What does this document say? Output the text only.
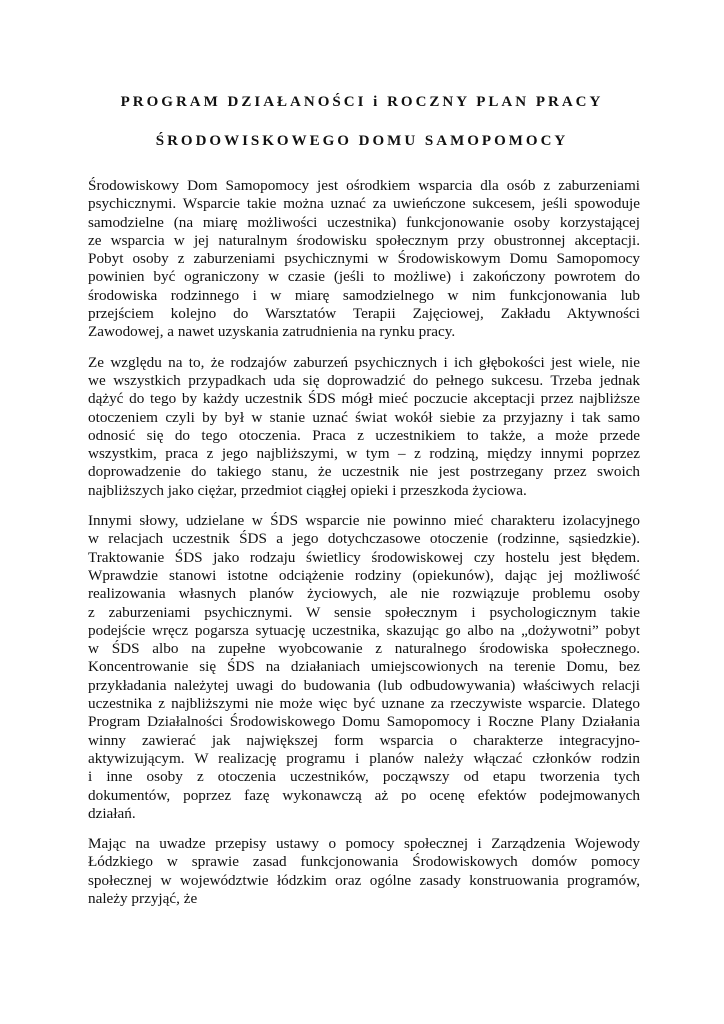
PROGRAM DZIAŁANOŚCI i ROCZNY PLAN PRACY
ŚRODOWISKOWEGO DOMU SAMOPOMOCY

Środowiskowy Dom Samopomocy jest ośrodkiem wsparcia dla osób z zaburzeniami
psychicznymi. Wsparcie takie można uznać za uwieńczone sukcesem, jeśli spowoduje
samodzielne (na miarę możliwości uczestnika) funkcjonowanie osoby korzystającej
ze wsparcia w jej naturalnym środowisku społecznym przy obustronnej akceptacji.
Pobyt osoby z zaburzeniami psychicznymi w Środowiskowym Domu Samopomocy
powinien być ograniczony w czasie (jeśli to możliwe) i zakończony powrotem do
środowiska rodzinnego i w miarę samodzielnego w nim funkcjonowania lub
przejściem kolejno do Warsztatów Terapii Zajęciowej, Zakładu Aktywności
Zawodowej, a nawet uzyskania zatrudnienia na rynku pracy.

Ze względu na to, że rodzajów zaburzeń psychicznych i ich głębokości jest wiele, nie
we wszystkich przypadkach uda się doprowadzić do pełnego sukcesu. Trzeba jednak
dążyć do tego by każdy uczestnik ŚDS mógł mieć poczucie akceptacji przez najbliższe
otoczeniem czyli by był w stanie uznać świat wokół siebie za przyjazny i tak samo
odnosić się do tego otoczenia. Praca z uczestnikiem to także, a może przede
wszystkim, praca z jego najbliższymi, w tym – z rodziną, między innymi poprzez
doprowadzenie do takiego stanu, że uczestnik nie jest postrzegany przez swoich
najbliższych jako ciężar, przedmiot ciągłej opieki i przeszkoda życiowa.

Innymi słowy, udzielane w ŚDS wsparcie nie powinno mieć charakteru izolacyjnego
w relacjach uczestnik ŚDS a jego dotychczasowe otoczenie (rodzinne, sąsiedzkie).
Traktowanie ŚDS jako rodzaju świetlicy środowiskowej czy hostelu jest błędem.
Wprawdzie stanowi istotne odciążenie rodziny (opiekunów), dając jej możliwość
realizowania własnych planów życiowych, ale nie rozwiązuje problemu osoby
z zaburzeniami psychicznymi. W sensie społecznym i psychologicznym takie
podejście wręcz pogarsza sytuację uczestnika, skazując go albo na „dożywotni” pobyt
w ŚDS albo na zupełne wyobcowanie z naturalnego środowiska społecznego.
Koncentrowanie się ŚDS na działaniach umiejscowionych na terenie Domu, bez
przykładania należytej uwagi do budowania (lub odbudowywania) właściwych relacji
uczestnika z najbliższymi nie może więc być uznane za rzeczywiste wsparcie. Dlatego
Program Działalności Środowiskowego Domu Samopomocy i Roczne Plany Działania
winny zawierać jak największej form wsparcia o charakterze integracyjno-
aktywizującym. W realizację programu i planów należy włączać członków rodzin
i inne osoby z otoczenia uczestników, począwszy od etapu tworzenia tych
dokumentów, poprzez fazę wykonawczą aż po ocenę efektów podejmowanych
działań.

Mając na uwadze przepisy ustawy o pomocy społecznej i Zarządzenia Wojewody
Łódzkiego w sprawie zasad funkcjonowania Środowiskowych domów pomocy
społecznej w województwie łódzkim oraz ogólne zasady konstruowania programów,
należy przyjąć, że
